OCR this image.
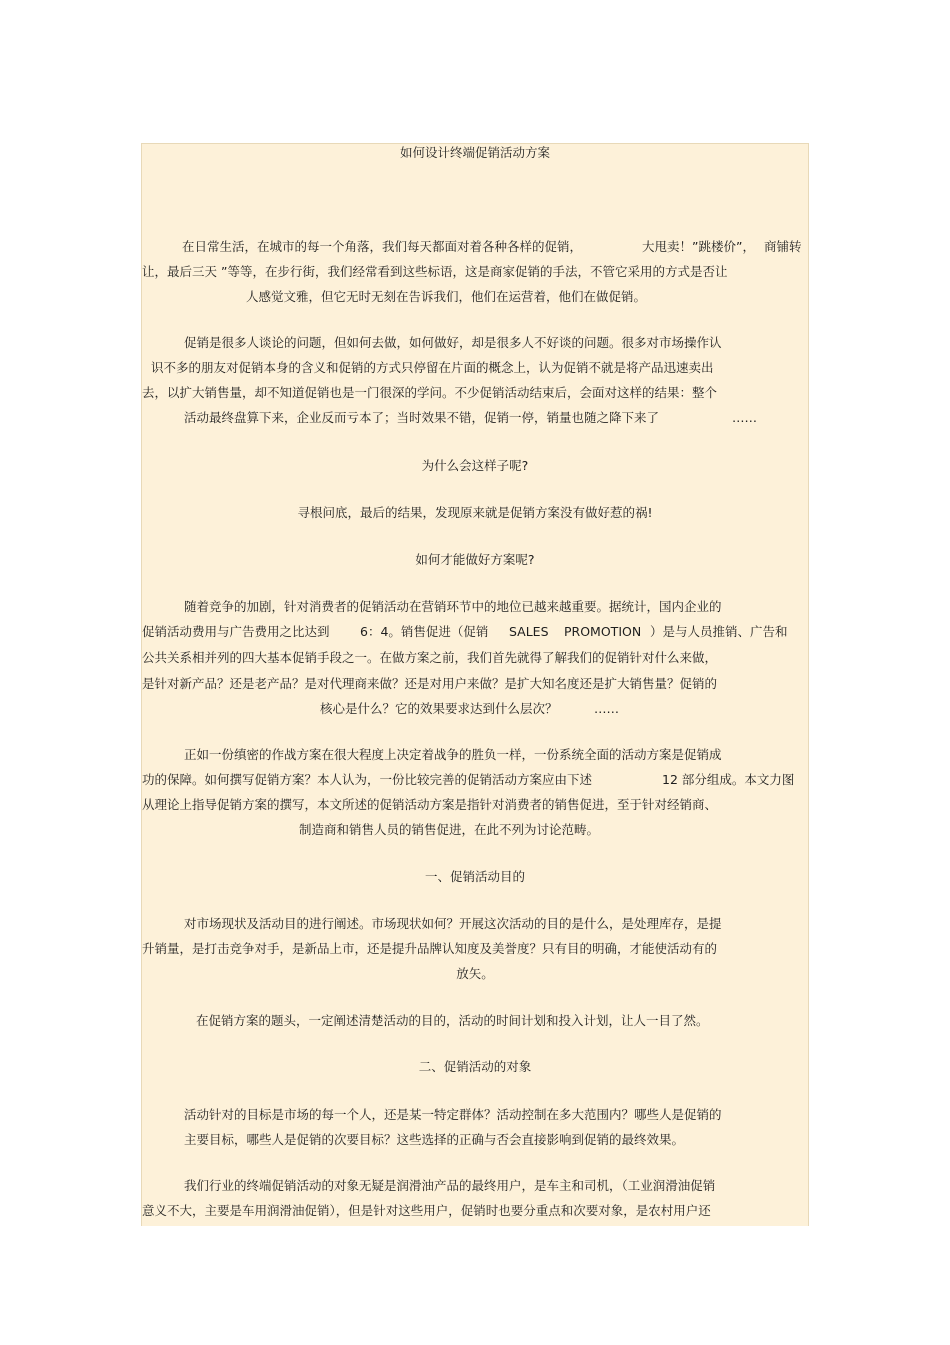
如何设计终端促销活动方案
在日常生活，在城市的每一个角落，我们每天都面对着各种各样的促销，	大甩卖！”跳楼价”， 商铺转
让，最后三天 ”等等，在步行街，我们经常看到这些标语，这是商家促销的手法，不管它采用的方式是否让
人感觉文雅，但它无时无刻在告诉我们，他们在运营着，他们在做促销。
促销是很多人谈论的问题，但如何去做，如何做好，却是很多人不好谈的问题。很多对市场操作认
识不多的朋友对促销本身的含义和促销的方式只停留在片面的概念上，认为促销不就是将产品迅速卖出
去，以扩大销售量，却不知道促销也是一门很深的学问。不少促销活动结束后，会面对这样的结果：整个
活动最终盘算下来，企业反而亏本了；当时效果不错，促销一停，销量也随之降下来了	……
为什么会这样子呢?
寻根问底，最后的结果，发现原来就是促销方案没有做好惹的祸!
如何才能做好方案呢?
随着竞争的加剧，针对消费者的促销活动在营销环节中的地位已越来越重要。据统计，国内企业的
促销活动费用与广告费用之比达到 6：4。销售促进（促销 SALES PROMOTION ）是与人员推销、广告和
公共关系相并列的四大基本促销手段之一。在做方案之前，我们首先就得了解我们的促销针对什么来做，
是针对新产品？还是老产品？是对代理商来做？还是对用户来做？是扩大知名度还是扩大销售量？促销的
核心是什么？它的效果要求达到什么层次？	……
正如一份缜密的作战方案在很大程度上决定着战争的胜负一样，一份系统全面的活动方案是促销成
功的保障。如何撰写促销方案？本人认为，一份比较完善的促销活动方案应由下述	12 部分组成。本文力图
从理论上指导促销方案的撰写，本文所述的促销活动方案是指针对消费者的销售促进，至于针对经销商、
制造商和销售人员的销售促进，在此不列为讨论范畴。
一、促销活动目的
对市场现状及活动目的进行阐述。市场现状如何？开展这次活动的目的是什么，是处理库存，是提
升销量，是打击竞争对手，是新品上市，还是提升品牌认知度及美誉度？只有目的明确，才能使活动有的
放矢。
在促销方案的题头，一定阐述清楚活动的目的，活动的时间计划和投入计划，让人一目了然。
二、促销活动的对象
活动针对的目标是市场的每一个人，还是某一特定群体？活动控制在多大范围内？哪些人是促销的
主要目标，哪些人是促销的次要目标？这些选择的正确与否会直接影响到促销的最终效果。
我们行业的终端促销活动的对象无疑是润滑油产品的最终用户，是车主和司机，（工业润滑油促销
意义不大，主要是车用润滑油促销），但是针对这些用户，促销时也要分重点和次要对象，是农村用户还
